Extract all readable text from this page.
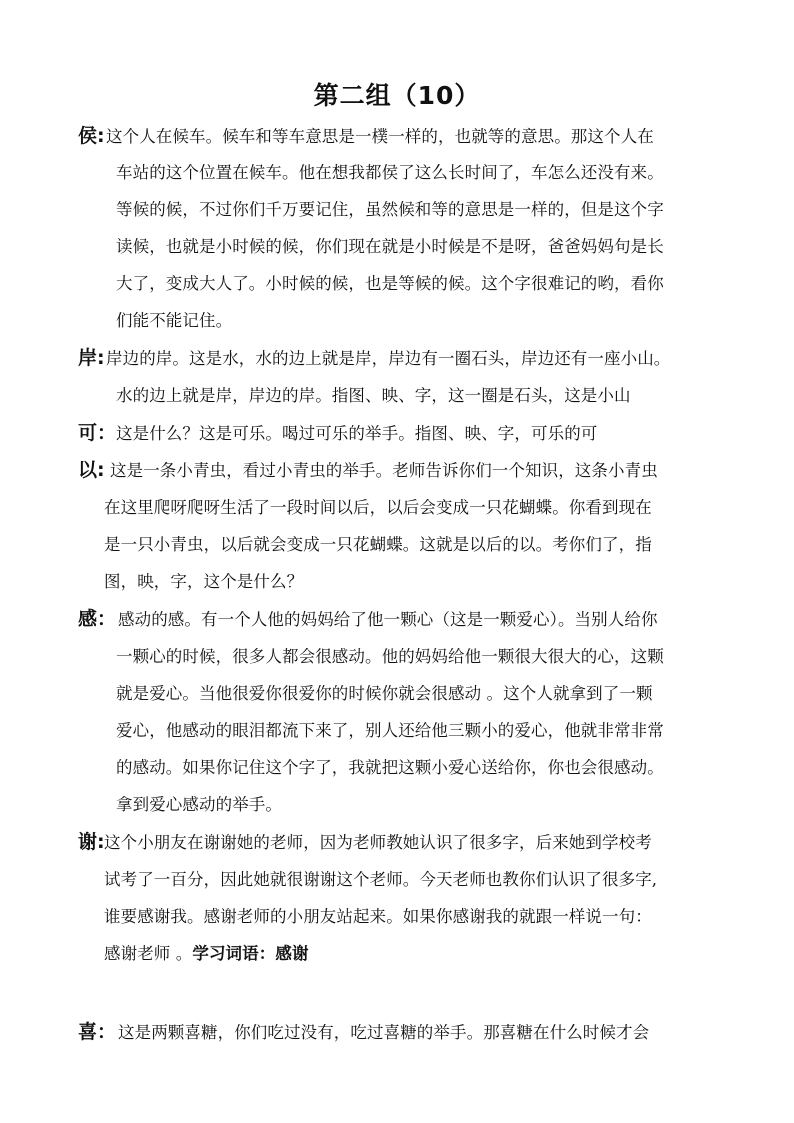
第二组（10）
侯: 这个人在候车。候车和等车意思是一樸一样的，也就等的意思。那这个人在
车站的这个位置在候车。他在想我都侯了这么长时间了，车怎么还没有来。
等候的候，不过你们千万要记住，虽然候和等的意思是一样的，但是这个字
读候，也就是小时候的候，你们现在就是小时候是不是呀，爸爸妈妈句是长
大了，变成大人了。小时候的候，也是等候的候。这个字很难记的哟，看你
们能不能记住。
岸: 岸边的岸。这是水，水的边上就是岸，岸边有一圈石头，岸边还有一座小山。
水的边上就是岸，岸边的岸。指图、映、字，这一圈是石头，这是小山
可： 这是什么？这是可乐。喝过可乐的举手。指图、映、字，可乐的可
以: 这是一条小青虫，看过小青虫的举手。老师告诉你们一个知识，这条小青虫
在这里爬呀爬呀生活了一段时间以后，以后会变成一只花蝴蝶。你看到现在
是一只小青虫，以后就会变成一只花蝴蝶。这就是以后的以。考你们了，指
图，映，字，这个是什么？
感： 感动的感。有一个人他的妈妈给了他一颗心（这是一颗爱心）。当别人给你
一颗心的时候，很多人都会很感动。他的妈妈给他一颗很大很大的心，这颗
就是爱心。当他很爱你很爱你的时候你就会很感动 。这个人就拿到了一颗
爱心，他感动的眼泪都流下来了，别人还给他三颗小的爱心，他就非常非常
的感动。如果你记住这个字了，我就把这颗小爱心送给你，你也会很感动。
拿到爱心感动的举手。
谢: 这个小朋友在谢谢她的老师，因为老师教她认识了很多字，后来她到学校考
试考了一百分，因此她就很谢谢这个老师。今天老师也教你们认识了很多字,
谁要感谢我。感谢老师的小朋友站起来。如果你感谢我的就跟一样说一句：
感谢老师 。学习词语：感谢
喜： 这是两颗喜糖，你们吃过没有，吃过喜糖的举手。那喜糖在什么时候才会
